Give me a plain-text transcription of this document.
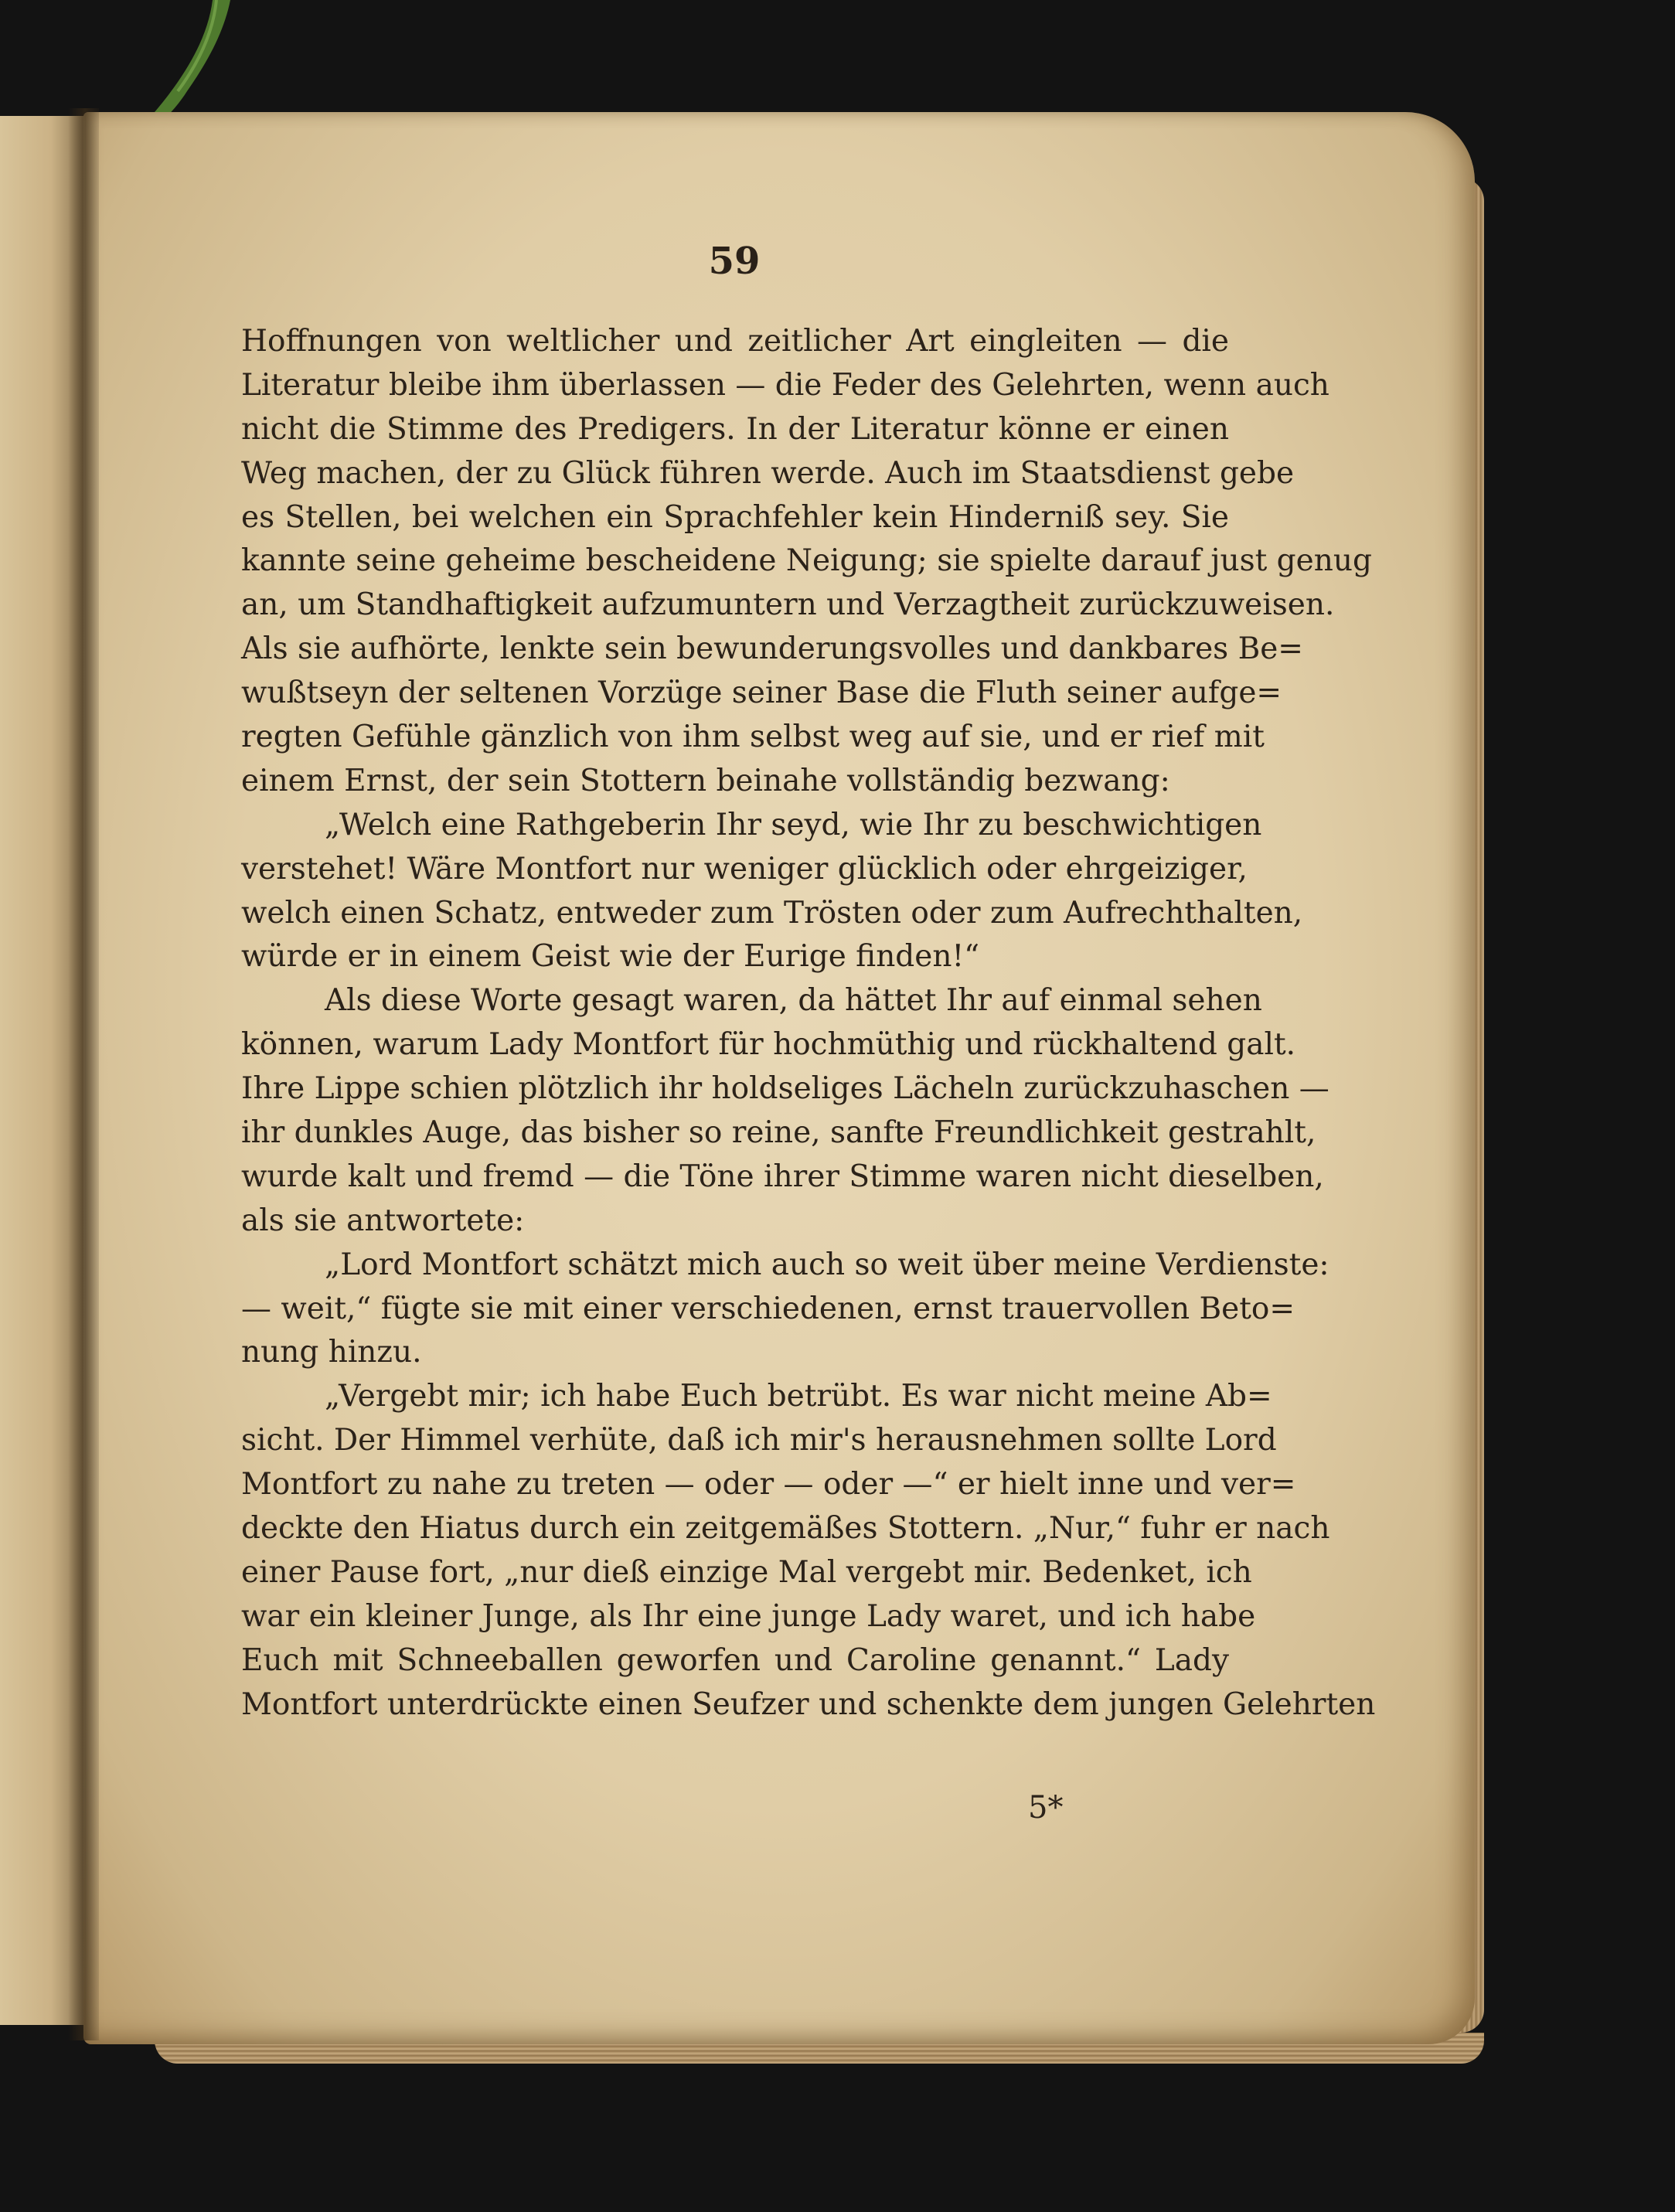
59
Hoffnungen von weltlicher und zeitlicher Art eingleiten — die
Literatur bleibe ihm überlassen — die Feder des Gelehrten, wenn auch
nicht die Stimme des Predigers. In der Literatur könne er einen
Weg machen, der zu Glück führen werde. Auch im Staatsdienst gebe
es Stellen, bei welchen ein Sprachfehler kein Hinderniß sey. Sie
kannte seine geheime bescheidene Neigung; sie spielte darauf just genug
an, um Standhaftigkeit aufzumuntern und Verzagtheit zurückzuweisen.
Als sie aufhörte, lenkte sein bewunderungsvolles und dankbares Be=
wußtseyn der seltenen Vorzüge seiner Base die Fluth seiner aufge=
regten Gefühle gänzlich von ihm selbst weg auf sie, und er rief mit
einem Ernst, der sein Stottern beinahe vollständig bezwang:
„Welch eine Rathgeberin Ihr seyd, wie Ihr zu beschwichtigen
verstehet! Wäre Montfort nur weniger glücklich oder ehrgeiziger,
welch einen Schatz, entweder zum Trösten oder zum Aufrechthalten,
würde er in einem Geist wie der Eurige finden!“
Als diese Worte gesagt waren, da hättet Ihr auf einmal sehen
können, warum Lady Montfort für hochmüthig und rückhaltend galt.
Ihre Lippe schien plötzlich ihr holdseliges Lächeln zurückzuhaschen —
ihr dunkles Auge, das bisher so reine, sanfte Freundlichkeit gestrahlt,
wurde kalt und fremd — die Töne ihrer Stimme waren nicht dieselben,
als sie antwortete:
„Lord Montfort schätzt mich auch so weit über meine Verdienste:
— weit,“ fügte sie mit einer verschiedenen, ernst trauervollen Beto=
nung hinzu.
„Vergebt mir; ich habe Euch betrübt. Es war nicht meine Ab=
sicht. Der Himmel verhüte, daß ich mir's herausnehmen sollte Lord
Montfort zu nahe zu treten — oder — oder —“ er hielt inne und ver=
deckte den Hiatus durch ein zeitgemäßes Stottern. „Nur,“ fuhr er nach
einer Pause fort, „nur dieß einzige Mal vergebt mir. Bedenket, ich
war ein kleiner Junge, als Ihr eine junge Lady waret, und ich habe
Euch mit Schneeballen geworfen und Caroline genannt.“ Lady
Montfort unterdrückte einen Seufzer und schenkte dem jungen Gelehrten
5*
